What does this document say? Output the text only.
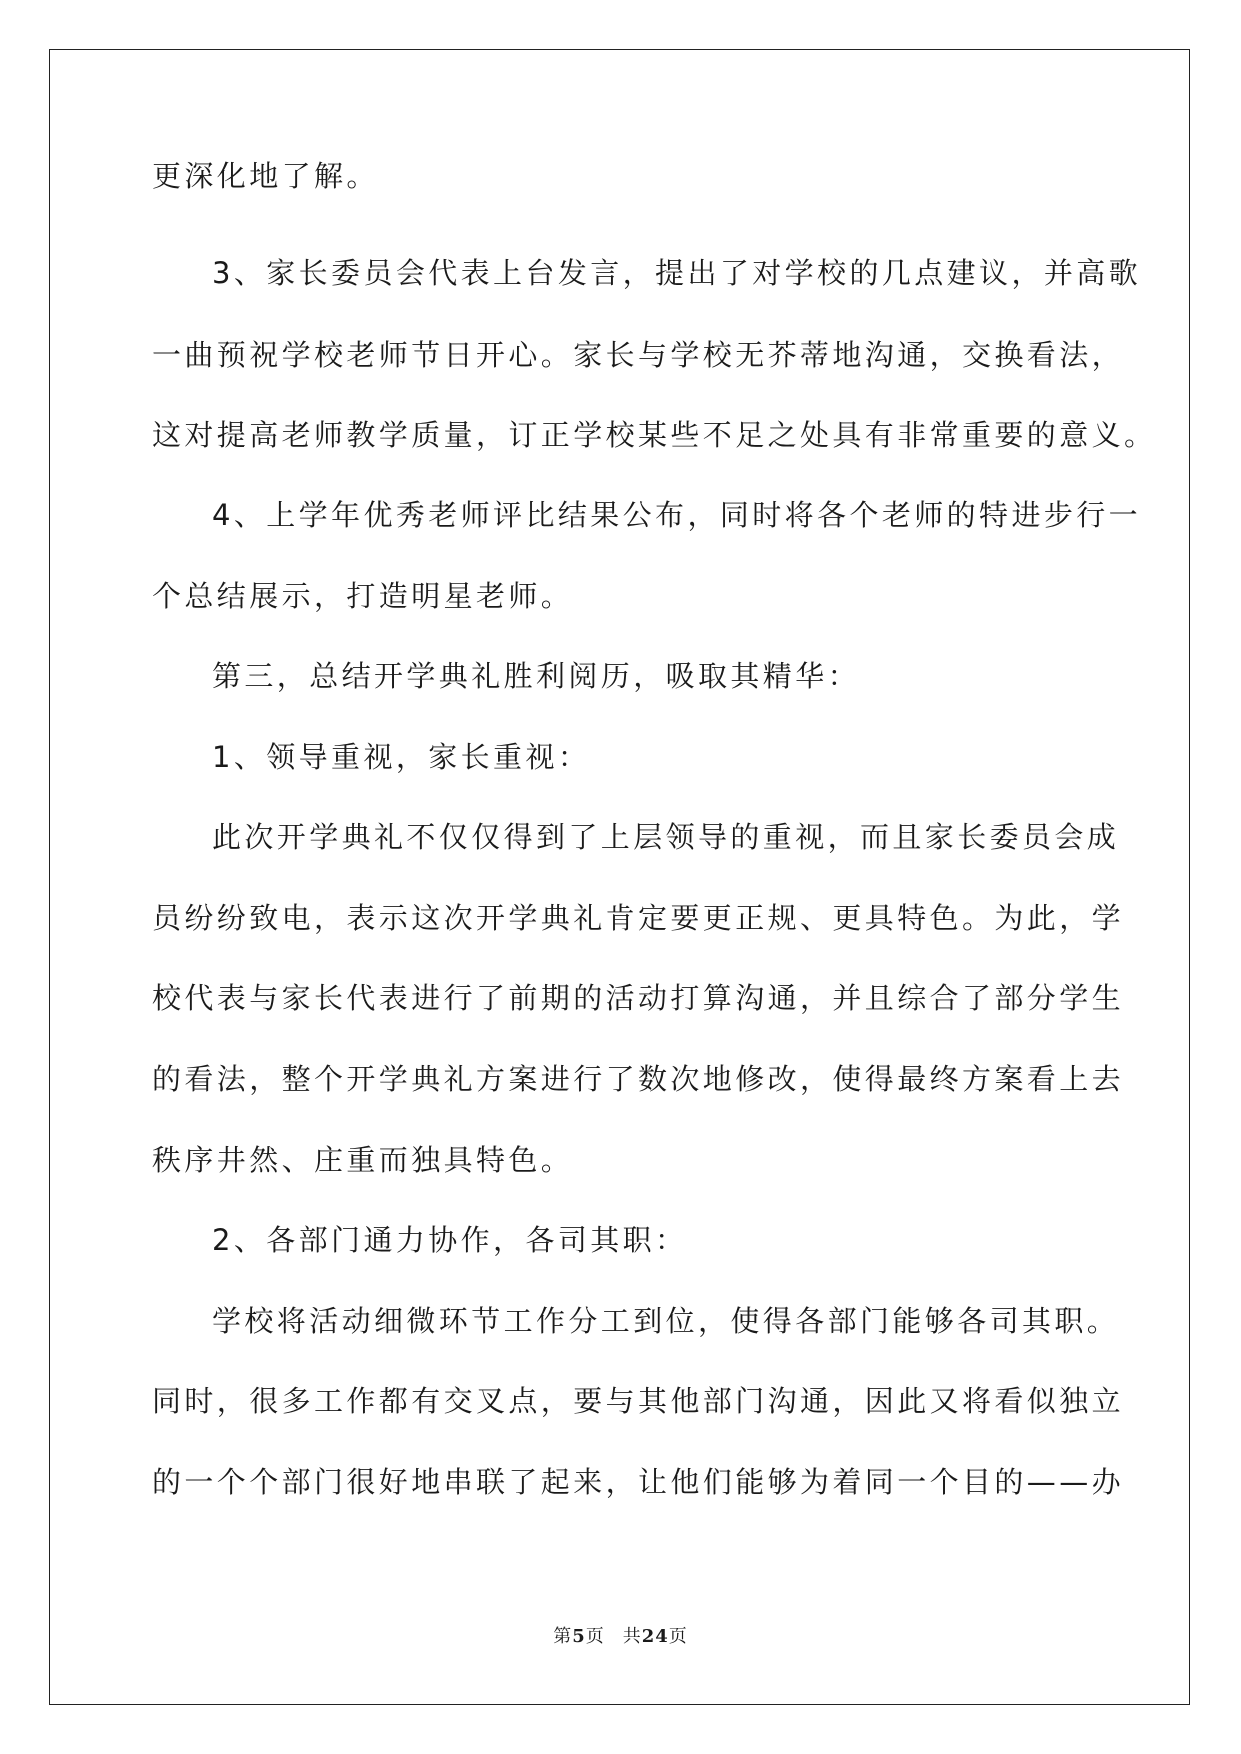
更深化地了解。
3、家长委员会代表上台发言，提出了对学校的几点建议，并高歌
一曲预祝学校老师节日开心。家长与学校无芥蒂地沟通，交换看法，
这对提高老师教学质量，订正学校某些不足之处具有非常重要的意义。
4、上学年优秀老师评比结果公布，同时将各个老师的特进步行一
个总结展示，打造明星老师。
第三，总结开学典礼胜利阅历，吸取其精华：
1、领导重视，家长重视：
此次开学典礼不仅仅得到了上层领导的重视，而且家长委员会成
员纷纷致电，表示这次开学典礼肯定要更正规、更具特色。为此，学
校代表与家长代表进行了前期的活动打算沟通，并且综合了部分学生
的看法，整个开学典礼方案进行了数次地修改，使得最终方案看上去
秩序井然、庄重而独具特色。
2、各部门通力协作，各司其职：
学校将活动细微环节工作分工到位，使得各部门能够各司其职。
同时，很多工作都有交叉点，要与其他部门沟通，因此又将看似独立
的一个个部门很好地串联了起来，让他们能够为着同一个目的——办
第5页 共24页
